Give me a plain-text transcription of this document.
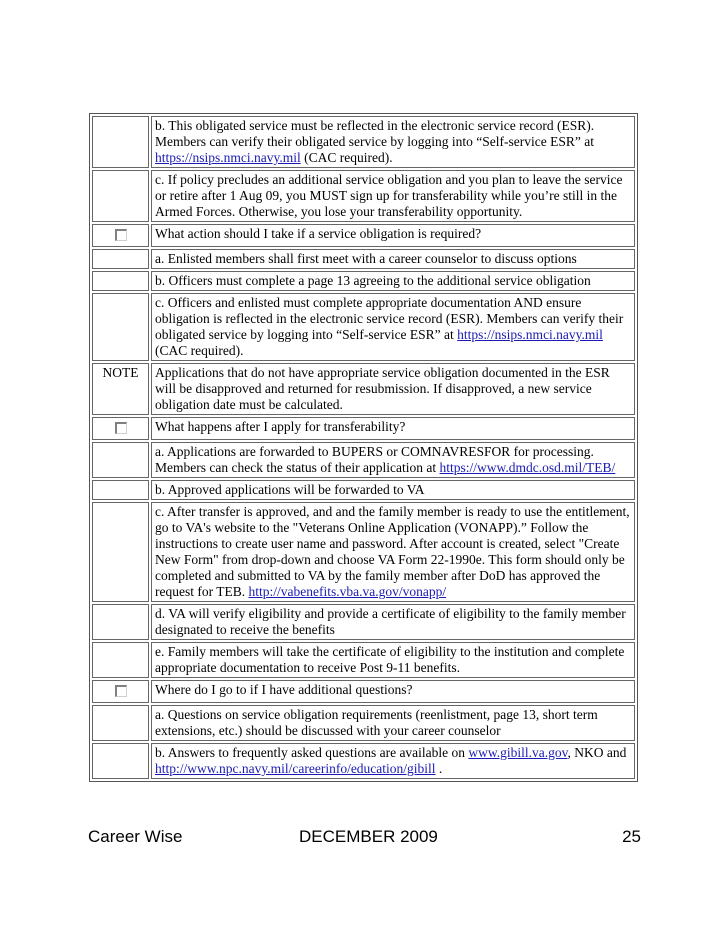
	b. This obligated service must be reflected in the electronic service record (ESR). Members can verify their obligated service by logging into “Self-service ESR” at https://nsips.nmci.navy.mil (CAC required).
	c. If policy precludes an additional service obligation and you plan to leave the service or retire after 1 Aug 09, you MUST sign up for transferability while you’re still in the Armed Forces. Otherwise, you lose your transferability opportunity.
	What action should I take if a service obligation is required?
	a. Enlisted members shall first meet with a career counselor to discuss options
	b. Officers must complete a page 13 agreeing to the additional service obligation
	c. Officers and enlisted must complete appropriate documentation AND ensure obligation is reflected in the electronic service record (ESR). Members can verify their obligated service by logging into “Self-service ESR” at https://nsips.nmci.navy.mil (CAC required).
NOTE	Applications that do not have appropriate service obligation documented in the ESR will be disapproved and returned for resubmission. If disapproved, a new service obligation date must be calculated.
	What happens after I apply for transferability?
	a. Applications are forwarded to BUPERS or COMNAVRESFOR for processing. Members can check the status of their application at https://www.dmdc.osd.mil/TEB/
	b. Approved applications will be forwarded to VA
	c. After transfer is approved, and and the family member is ready to use the entitlement, go to VA's website to the "Veterans Online Application (VONAPP).” Follow the instructions to create user name and password. After account is created, select "Create New Form" from drop-down and choose VA Form 22-1990e. This form should only be completed and submitted to VA by the family member after DoD has approved the request for TEB. http://vabenefits.vba.va.gov/vonapp/
	d. VA will verify eligibility and provide a certificate of eligibility to the family member designated to receive the benefits
	e. Family members will take the certificate of eligibility to the institution and complete appropriate documentation to receive Post 9-11 benefits.
	Where do I go to if I have additional questions?
	a. Questions on service obligation requirements (reenlistment, page 13, short term extensions, etc.) should be discussed with your career counselor
	b. Answers to frequently asked questions are available on www.gibill.va.gov, NKO and http://www.npc.navy.mil/careerinfo/education/gibill .
Career Wise	DECEMBER 2009	25
